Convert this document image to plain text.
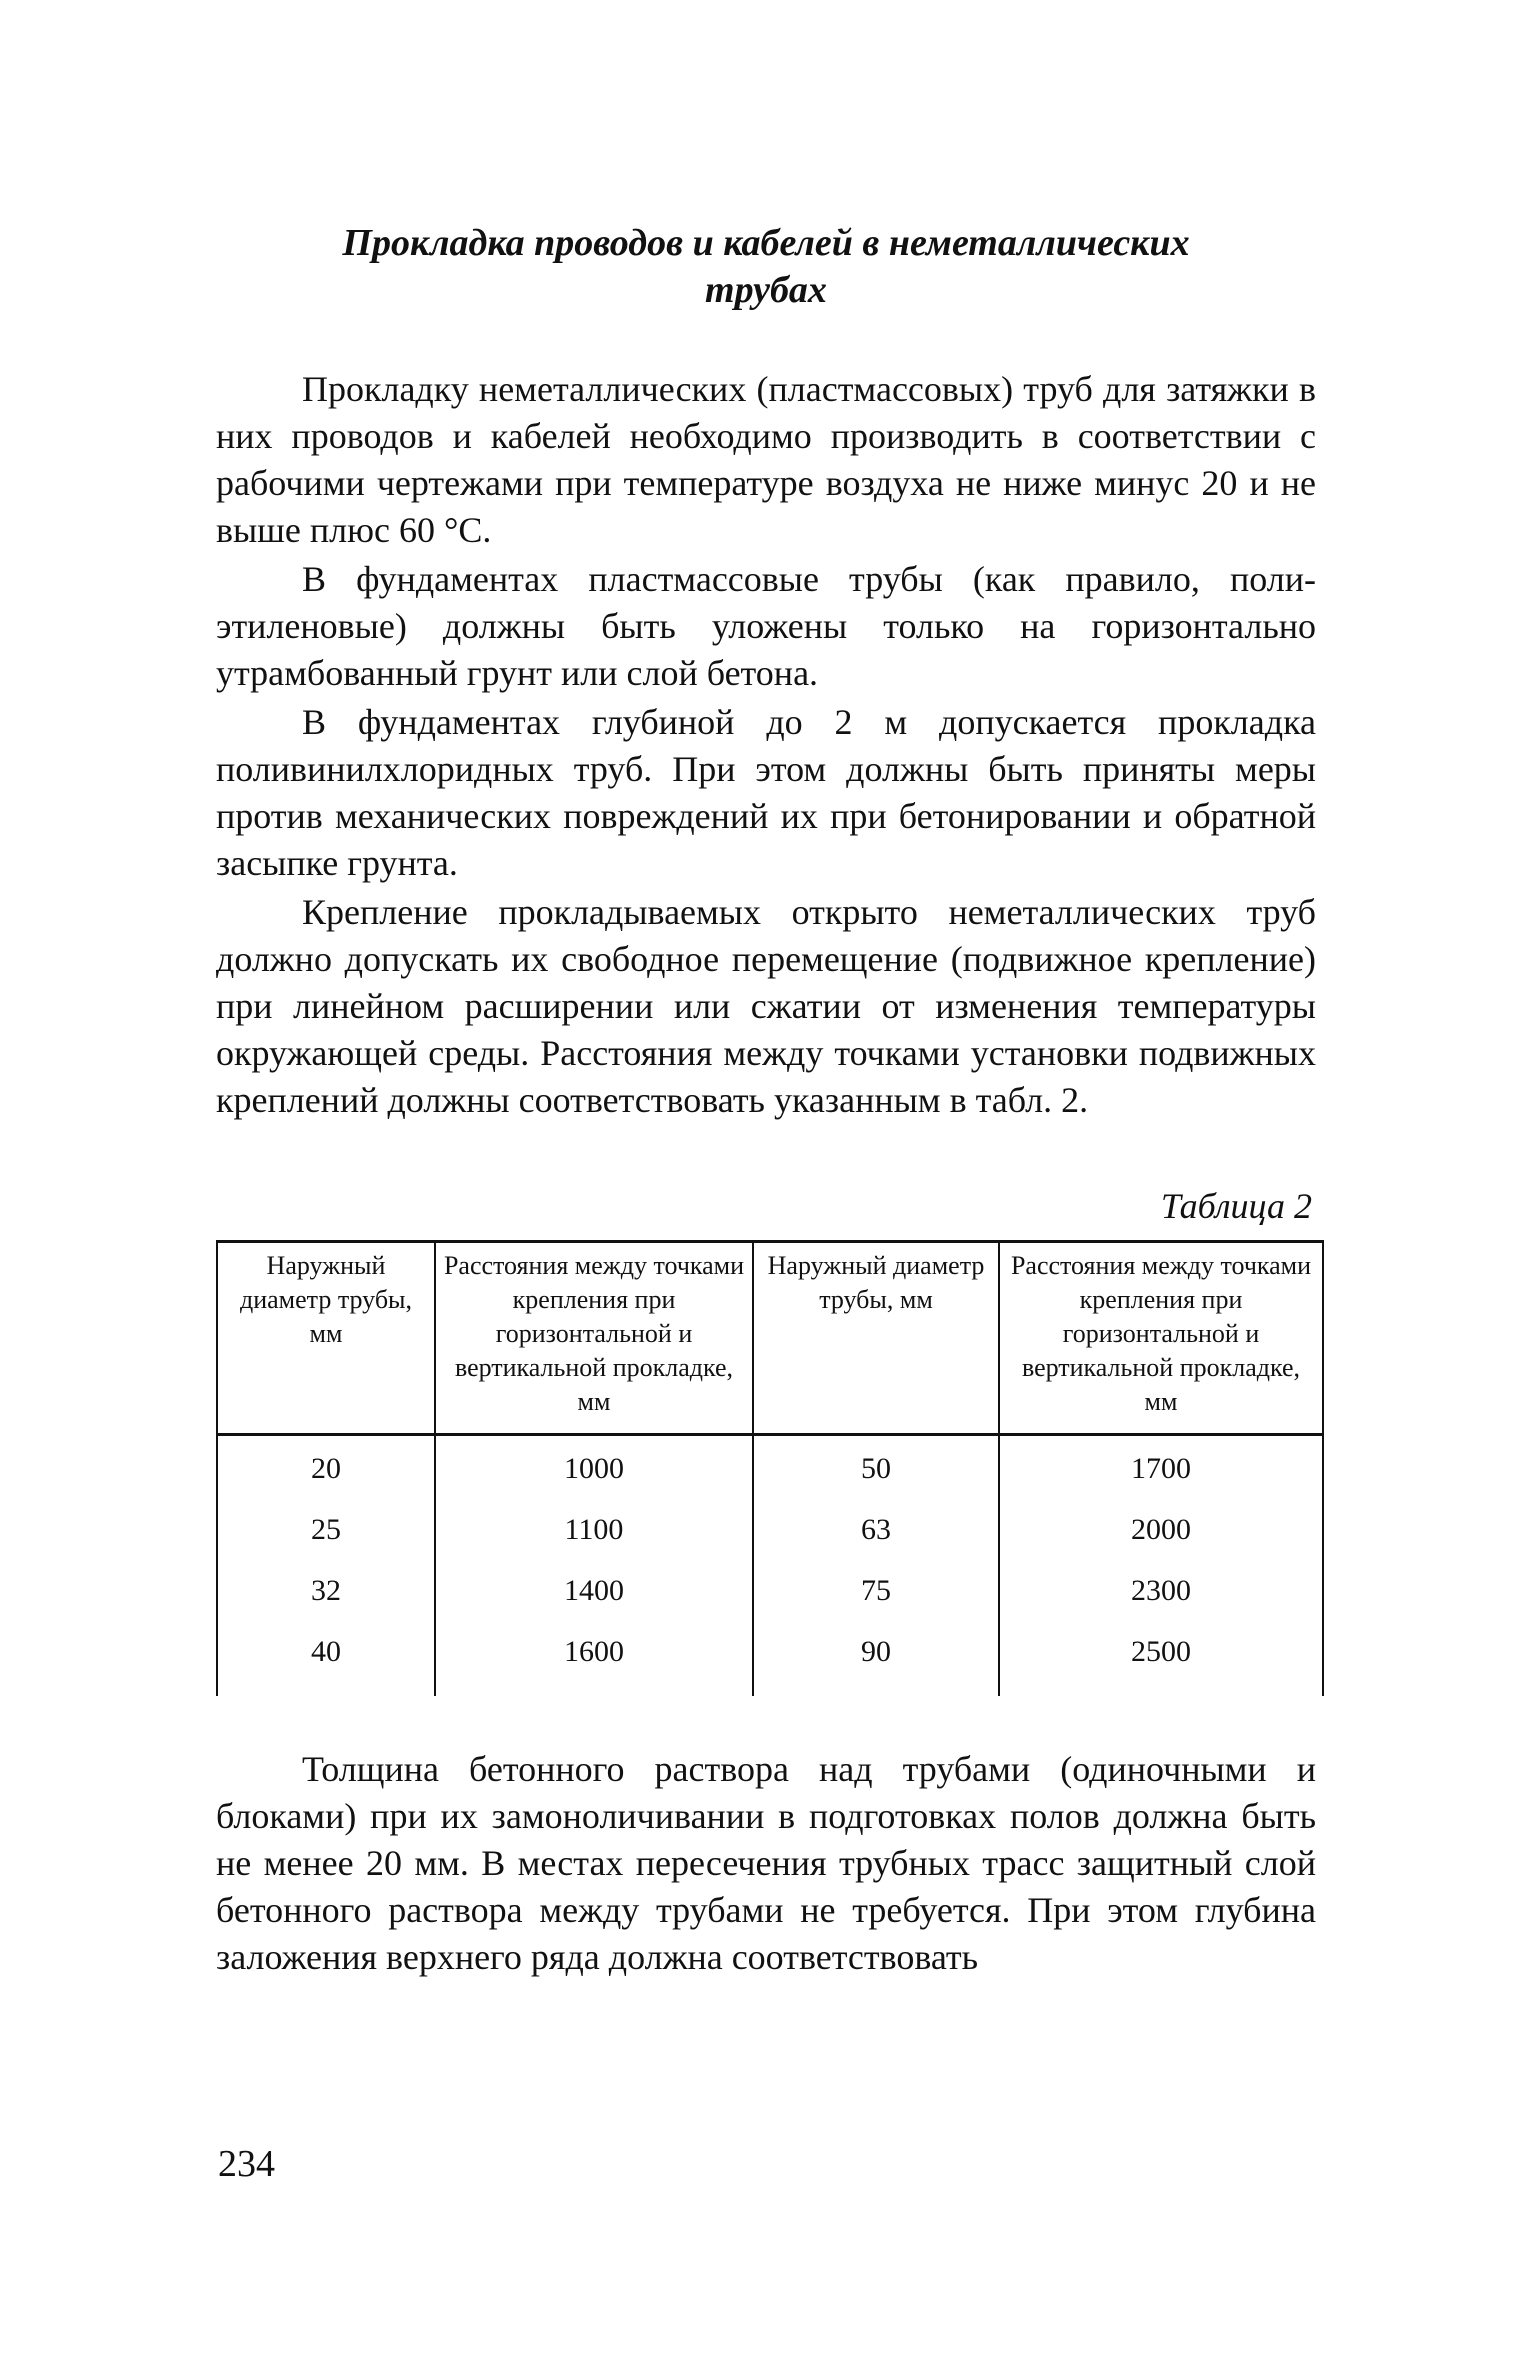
Прокладка проводов и кабелей в неметаллических
трубах

Прокладку неметаллических (пластмассовых) труб для затяжки в них проводов и кабелей необходимо производить в соответствии с рабочими чертежами при температуре воздуха не ниже минус 20 и не выше плюс 60 °С.

В фундаментах пластмассовые трубы (как правило, полиэтиленовые) должны быть уложены только на горизонтально утрамбованный грунт или слой бетона.

В фундаментах глубиной до 2 м допускается прокладка поливинилхлоридных труб. При этом должны быть приняты меры против механических повреждений их при бетонировании и обратной засыпке грунта.

Крепление прокладываемых открыто неметаллических труб должно допускать их свободное перемещение (подвижное крепление) при линейном расширении или сжатии от изменения температуры окружающей среды. Расстояния между точками установки подвижных креплений должны соответствовать указанным в табл. 2.

Таблица 2
Наружный диаметр трубы, мм	Расстояния между точками крепления при горизонтальной и вертикальной прокладке, мм	Наружный диаметр трубы, мм	Расстояния между точками крепления при горизонтальной и вертикальной прокладке, мм
20	1000	50	1700
25	1100	63	2000
32	1400	75	2300
40	1600	90	2500

Толщина бетонного раствора над трубами (одиночными и блоками) при их замоноличивании в подготовках полов должна быть не менее 20 мм. В местах пересечения трубных трасс защитный слой бетонного раствора между трубами не требуется. При этом глубина заложения верхнего ряда должна соответствовать

234
